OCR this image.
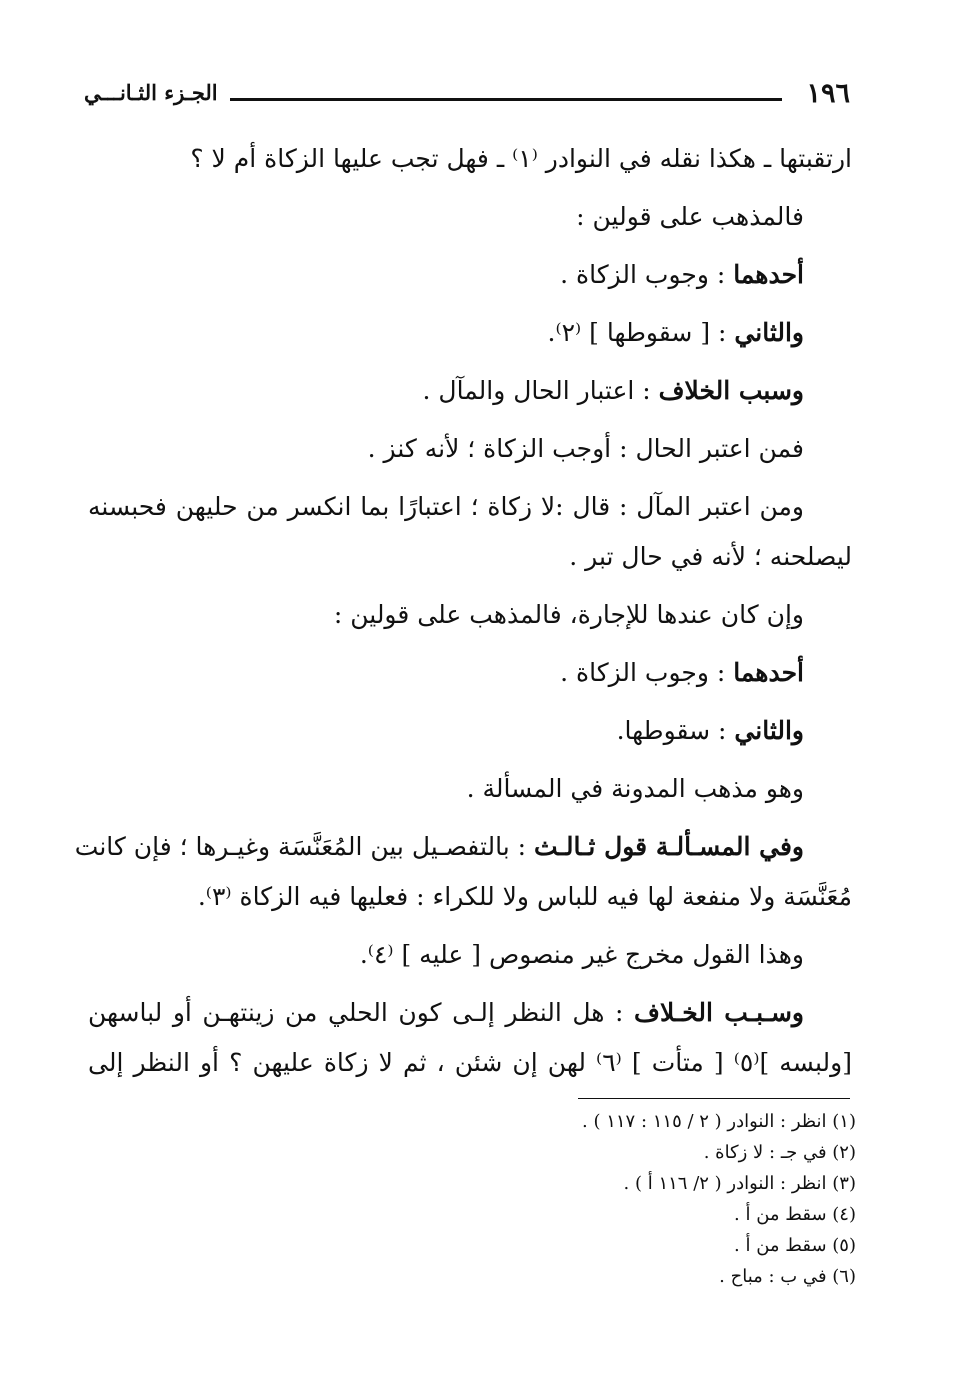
١٩٦
الجـزء الثـانـــي
ارتقبتها ـ هكذا نقله في النوادر ⁽١⁾ ـ فهل تجب عليها الزكاة أم لا ؟
فالمذهب على قولين :
أحدهما : وجوب الزكاة .
والثاني : [ سقوطها ] ⁽٢⁾.
وسبب الخلاف : اعتبار الحال والمآل .
فمن اعتبر الحال : أوجب الزكاة ؛ لأنه كنز .
ومن اعتبر المآل : قال :لا زكاة ؛ اعتبارًا بما انكسر من حليهن فحبسنه
ليصلحنه ؛ لأنه في حال تبر .
وإن كان عندها للإجارة، فالمذهب على قولين :
أحدهما : وجوب الزكاة .
والثاني : سقوطها.
وهو مذهب المدونة في المسألة .
وفي المسـألـة قول ثـالـث : بالتفصـيل بين المُعَنَّسَة وغيـرها ؛ فإن كانت
مُعَنَّسَة ولا منفعة لها فيه للباس ولا للكراء : فعليها فيه الزكاة ⁽٣⁾.
وهذا القول مخرج غير منصوص [ عليه ] ⁽٤⁾.
وسـبـب الخـلاف : هل النظر إلـى كون الحلي من زينتهـن أو لباسهن
[ولبسه ]⁽٥⁾ [ متأت ] ⁽٦⁾ لهن إن شئن ، ثم لا زكاة عليهن ؟ أو النظر إلى
(١) انظر : النوادر ( ٢ / ١١٥ : ١١٧ ) .
(٢) في جـ : لا زكاة .
(٣) انظر : النوادر ( ٢/ ١١٦ أ ) .
(٤) سقط من أ .
(٥) سقط من أ .
(٦) في ب : مباح .
